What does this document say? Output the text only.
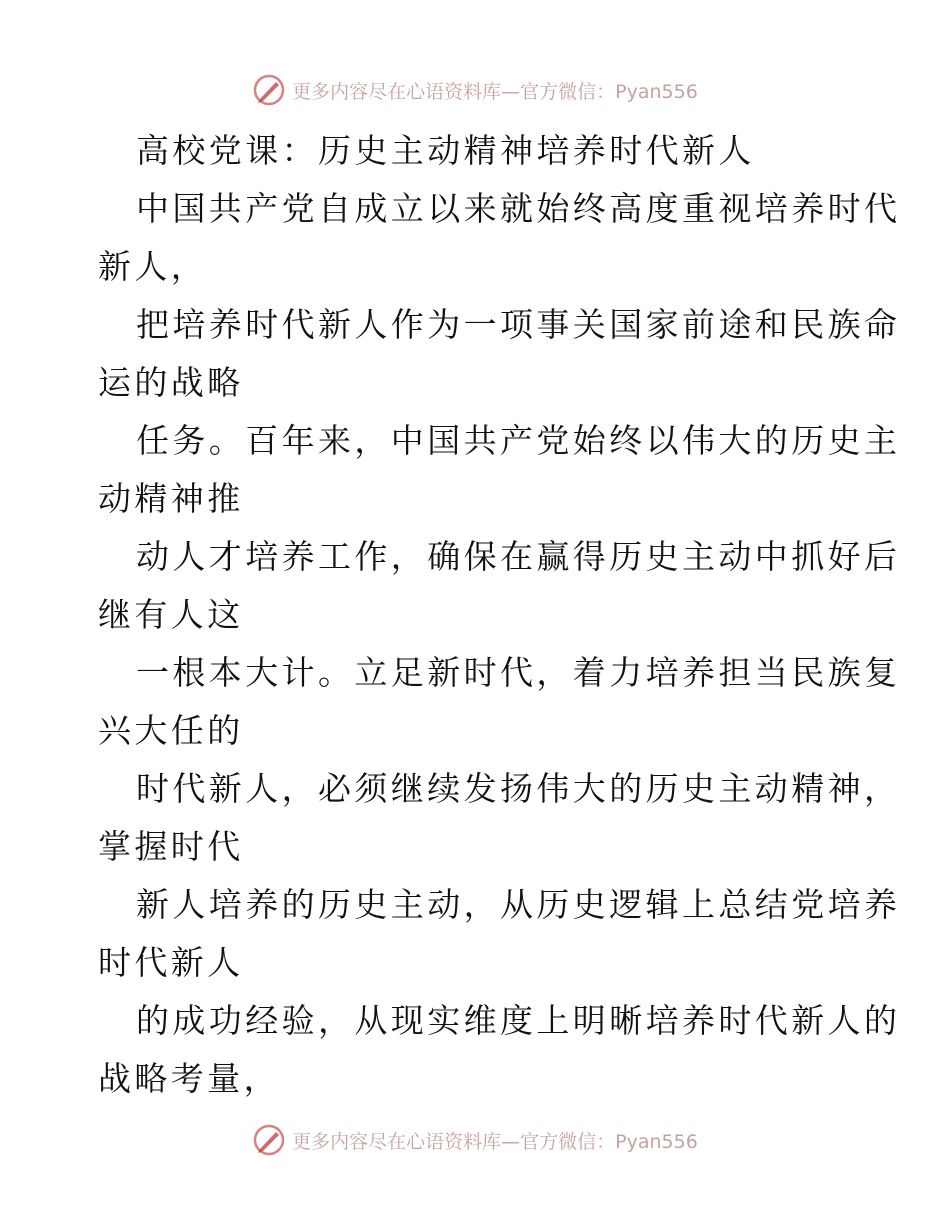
更多内容尽在心语资料库—官方微信：Pyan556
高校党课：历史主动精神培养时代新人
中国共产党自成立以来就始终高度重视培养时代
新人，
把培养时代新人作为一项事关国家前途和民族命
运的战略
任务。百年来，中国共产党始终以伟大的历史主
动精神推
动人才培养工作，确保在赢得历史主动中抓好后
继有人这
一根本大计。立足新时代，着力培养担当民族复
兴大任的
时代新人，必须继续发扬伟大的历史主动精神，
掌握时代
新人培养的历史主动，从历史逻辑上总结党培养
时代新人
的成功经验，从现实维度上明晰培养时代新人的
战略考量，
更多内容尽在心语资料库—官方微信：Pyan556
